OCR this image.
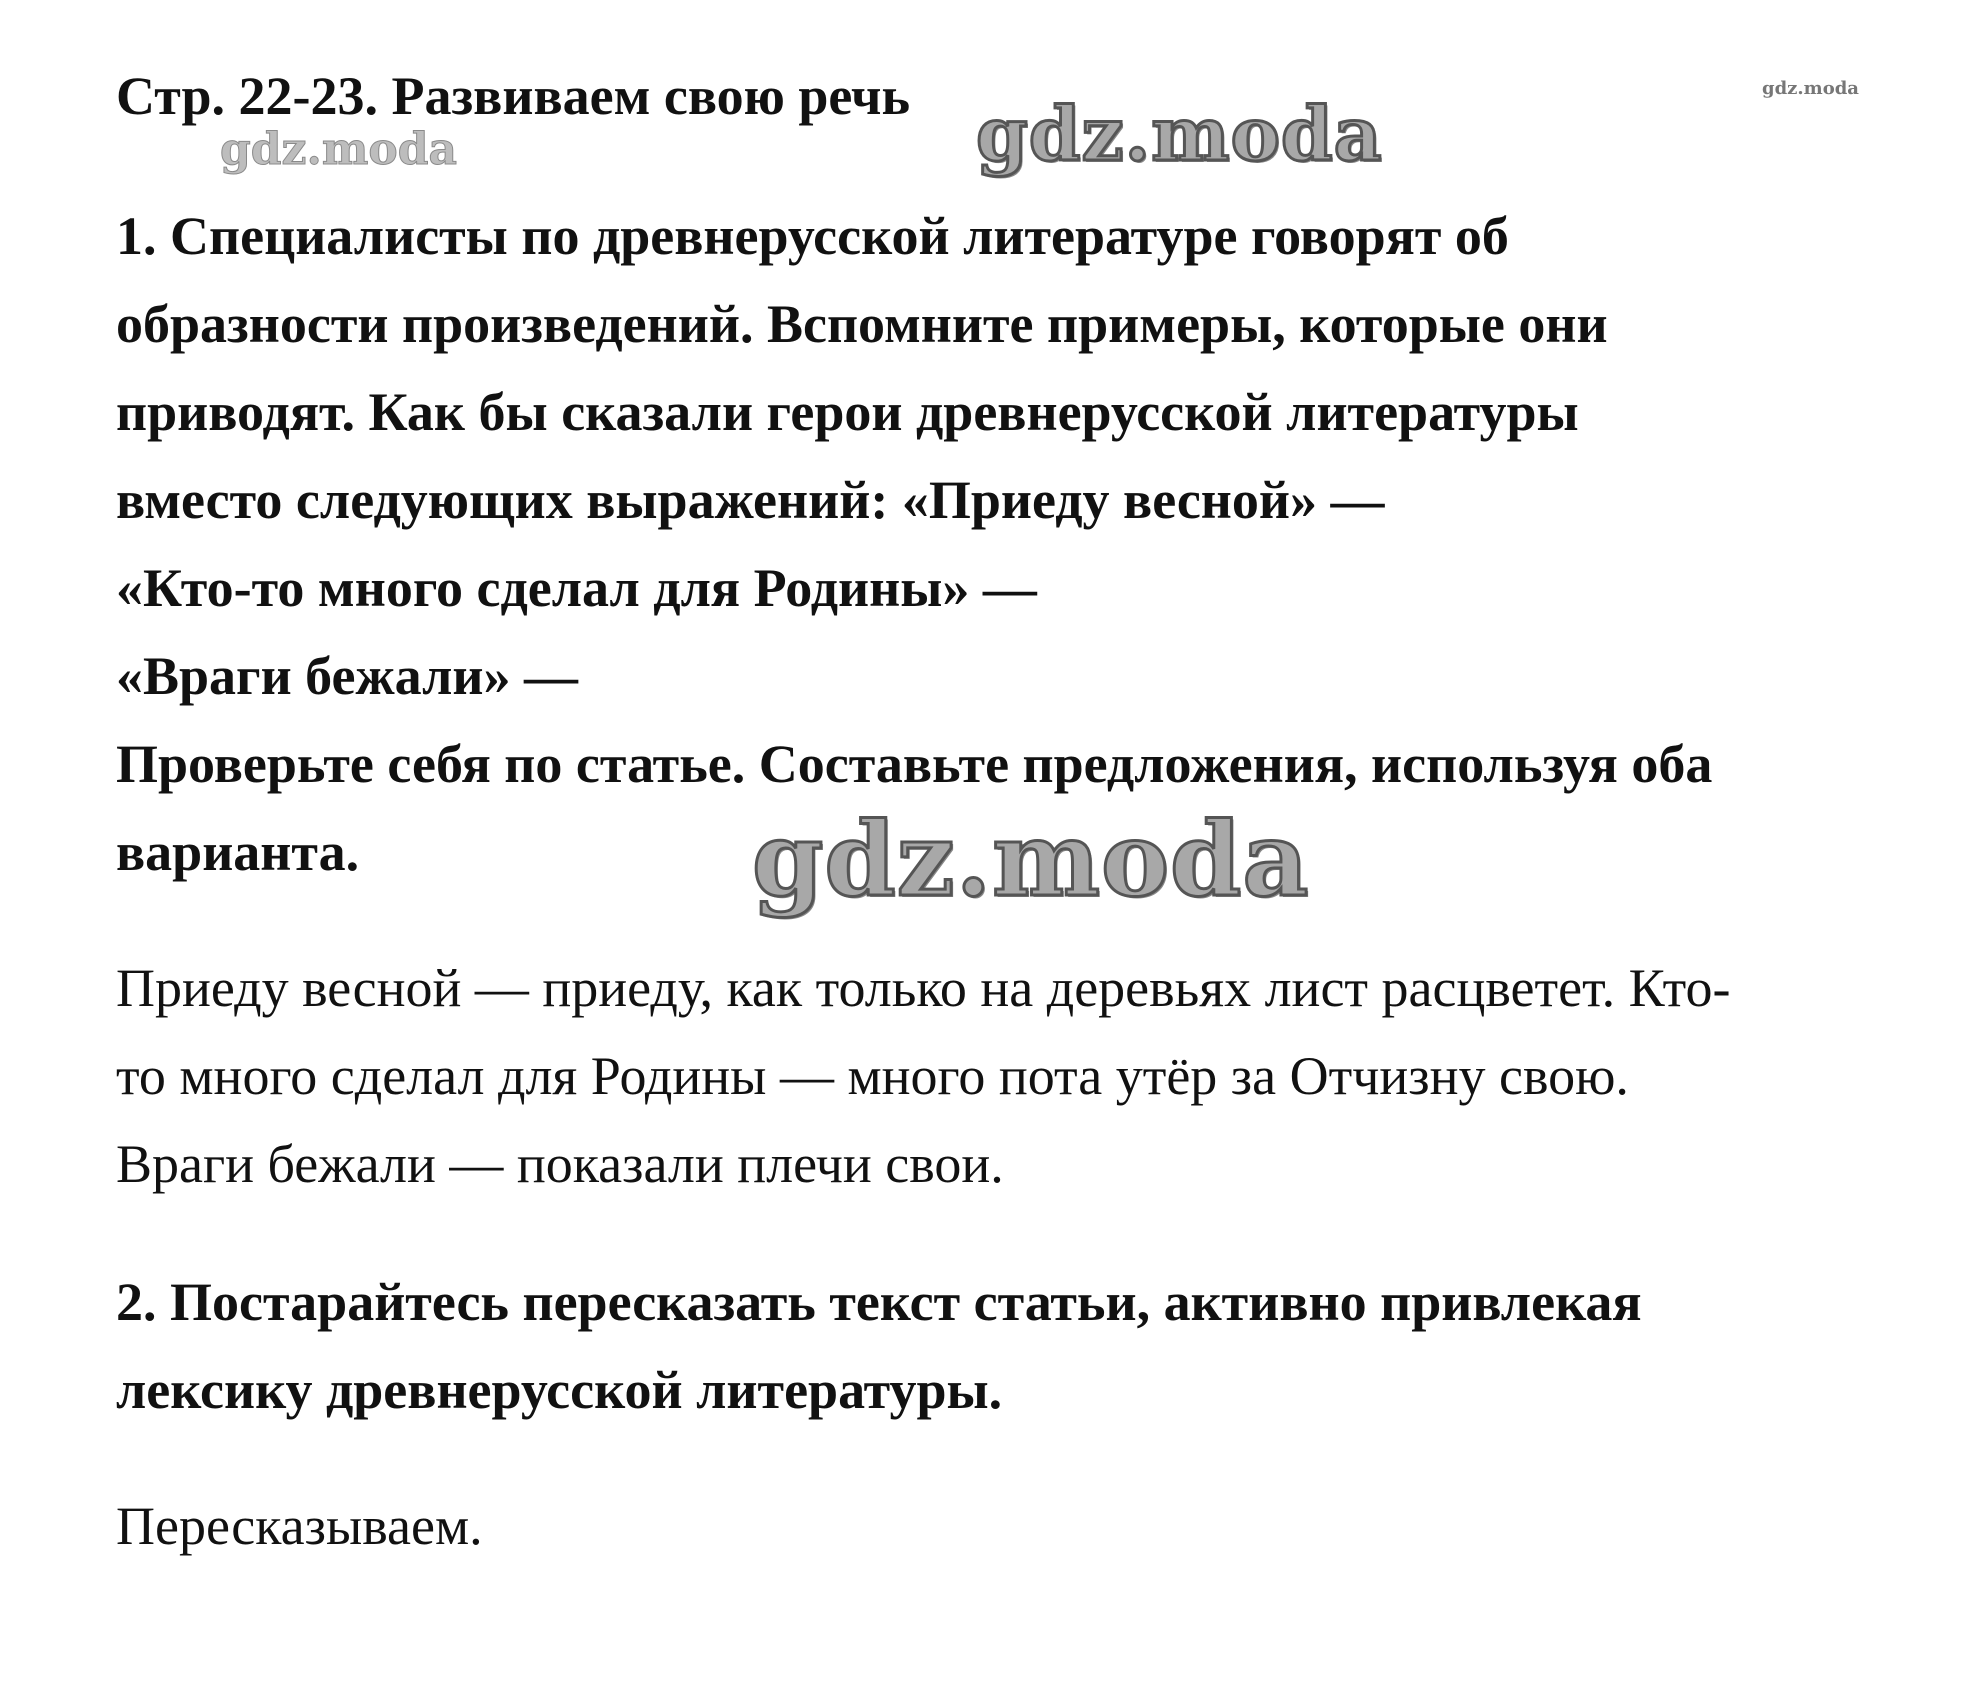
gdz.moda
gdz.moda	gdz.moda
gdz.moda
Стр. 22-23. Развиваем свою речь
1. Специалисты по древнерусской литературе говорят об
образности произведений. Вспомните примеры, которые они
приводят. Как бы сказали герои древнерусской литературы
вместо следующих выражений: «Приеду весной» —
«Кто-то много сделал для Родины» —
«Враги бежали» —
Проверьте себя по статье. Составьте предложения, используя оба
варианта.
Приеду весной — приеду, как только на деревьях лист расцветет. Кто-
то много сделал для Родины — много пота утёр за Отчизну свою.
Враги бежали — показали плечи свои.
2. Постарайтесь пересказать текст статьи, активно привлекая
лексику древнерусской литературы.
Пересказываем.
